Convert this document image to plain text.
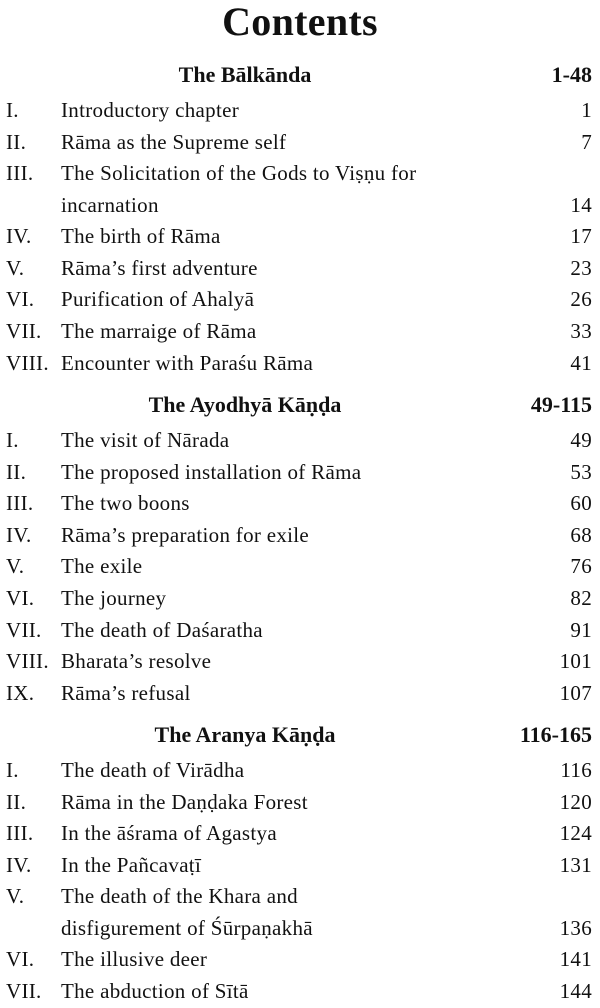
Contents
The Bālkānda	1-48
I. Introductory chapter	1
II. Rāma as the Supreme self	7
III. The Solicitation of the Gods to Viṣṇu for incarnation	14
IV. The birth of Rāma	17
V. Rāma’s first adventure	23
VI. Purification of Ahalyā	26
VII. The marraige of Rāma	33
VIII. Encounter with Paraśu Rāma	41
The Ayodhyā Kāṇḍa	49-115
I. The visit of Nārada	49
II. The proposed installation of Rāma	53
III. The two boons	60
IV. Rāma’s preparation for exile	68
V. The exile	76
VI. The journey	82
VII. The death of Daśaratha	91
VIII. Bharata’s resolve	101
IX. Rāma’s refusal	107
The Aranya Kāṇḍa	116-165
I. The death of Virādha	116
II. Rāma in the Daṇḍaka Forest	120
III. In the āśrama of Agastya	124
IV. In the Pañcavaṭī	131
V. The death of the Khara and disfigurement of Śūrpaṇakhā	136
VI. The illusive deer	141
VII. The abduction of Sītā	144
